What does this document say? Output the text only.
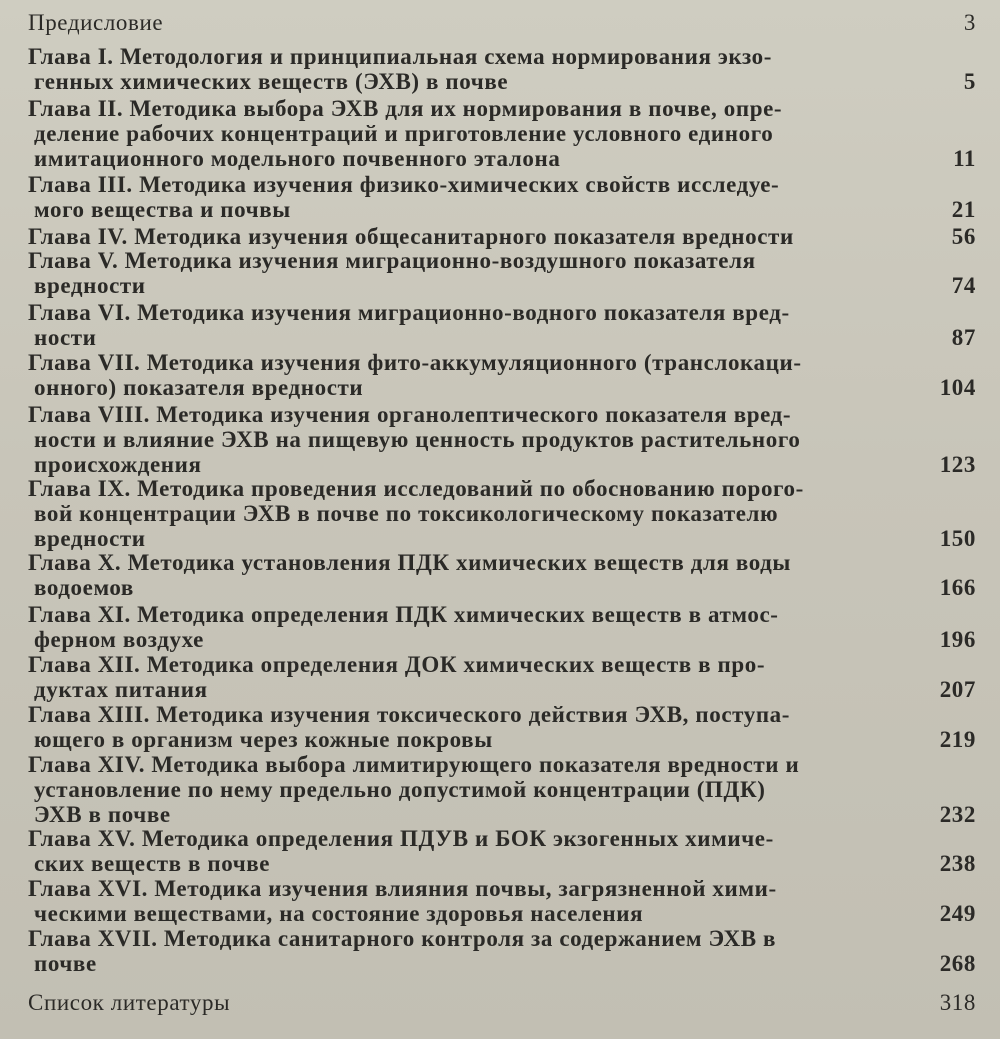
Предисловие	3
Глава I. Методология и принципиальная схема нормирования экзо-
генных химических веществ (ЭХВ) в почве	5
Глава II. Методика выбора ЭХВ для их нормирования в почве, опре-
деление рабочих концентраций и приготовление условного единого
имитационного модельного почвенного эталона	11
Глава III. Методика изучения физико-химических свойств исследуе-
мого вещества и почвы	21
Глава IV. Методика изучения общесанитарного показателя вредности	56
Глава V. Методика изучения миграционно-воздушного показателя
вредности	74
Глава VI. Методика изучения миграционно-водного показателя вред-
ности	87
Глава VII. Методика изучения фито-аккумуляционного (транслокаци-
онного) показателя вредности	104
Глава VIII. Методика изучения органолептического показателя вред-
ности и влияние ЭХВ на пищевую ценность продуктов растительного
происхождения	123
Глава IX. Методика проведения исследований по обоснованию порого-
вой концентрации ЭХВ в почве по токсикологическому показателю
вредности	150
Глава X. Методика установления ПДК химических веществ для воды
водоемов	166
Глава XI. Методика определения ПДК химических веществ в атмос-
ферном воздухе	196
Глава XII. Методика определения ДОК химических веществ в про-
дуктах питания	207
Глава XIII. Методика изучения токсического действия ЭХВ, поступа-
ющего в организм через кожные покровы	219
Глава XIV. Методика выбора лимитирующего показателя вредности и
установление по нему предельно допустимой концентрации (ПДК)
ЭХВ в почве	232
Глава XV. Методика определения ПДУВ и БОК экзогенных химиче-
ских веществ в почве	238
Глава XVI. Методика изучения влияния почвы, загрязненной хими-
ческими веществами, на состояние здоровья населения	249
Глава XVII. Методика санитарного контроля за содержанием ЭХВ в
почве	268
Список литературы	318
